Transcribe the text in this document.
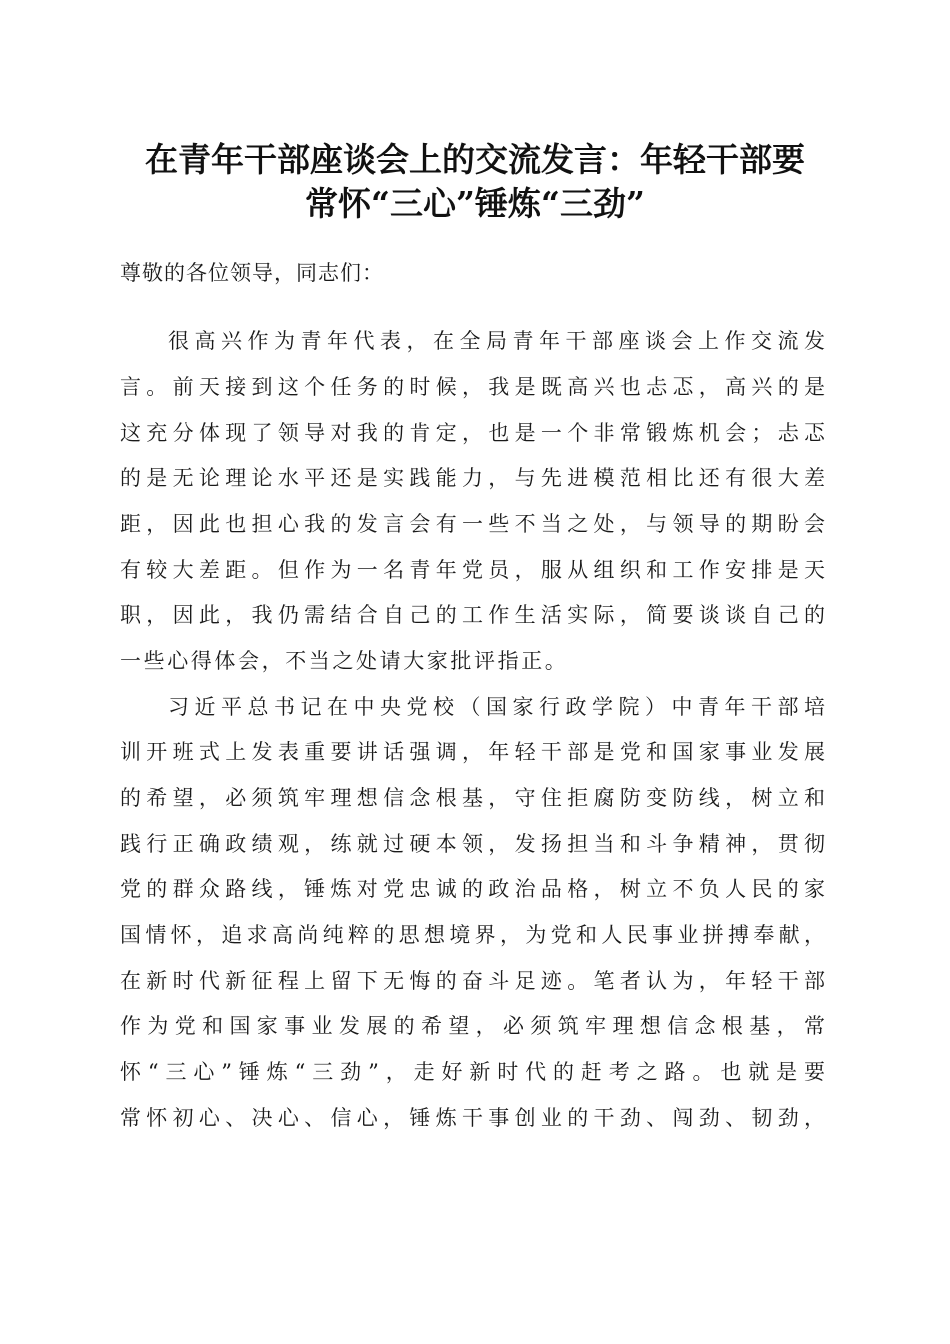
在青年干部座谈会上的交流发言：年轻干部要
常怀“三心”锤炼“三劲”
尊敬的各位领导，同志们：
很高兴作为青年代表，在全局青年干部座谈会上作交流发
言。前天接到这个任务的时候，我是既高兴也忐忑，高兴的是
这充分体现了领导对我的肯定，也是一个非常锻炼机会；忐忑
的是无论理论水平还是实践能力，与先进模范相比还有很大差
距，因此也担心我的发言会有一些不当之处，与领导的期盼会
有较大差距。但作为一名青年党员，服从组织和工作安排是天
职，因此，我仍需结合自己的工作生活实际，简要谈谈自己的
一些心得体会，不当之处请大家批评指正。
习近平总书记在中央党校（国家行政学院）中青年干部培
训开班式上发表重要讲话强调，年轻干部是党和国家事业发展
的希望，必须筑牢理想信念根基，守住拒腐防变防线，树立和
践行正确政绩观，练就过硬本领，发扬担当和斗争精神，贯彻
党的群众路线，锤炼对党忠诚的政治品格，树立不负人民的家
国情怀，追求高尚纯粹的思想境界，为党和人民事业拼搏奉献，
在新时代新征程上留下无悔的奋斗足迹。笔者认为，年轻干部
作为党和国家事业发展的希望，必须筑牢理想信念根基，常
怀“三心”锤炼“三劲”，走好新时代的赶考之路。也就是要
常怀初心、决心、信心，锤炼干事创业的干劲、闯劲、韧劲，
